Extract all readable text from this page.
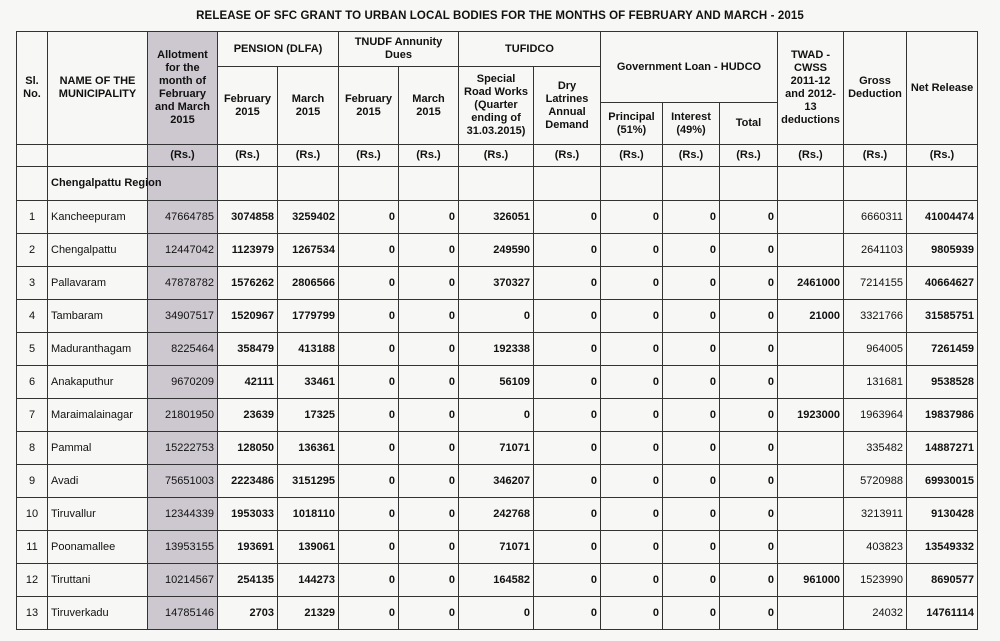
RELEASE OF SFC GRANT TO URBAN LOCAL BODIES FOR THE MONTHS OF FEBRUARY AND MARCH - 2015
Sl. No.	NAME OF THE MUNICIPALITY	Allotment for the month of February and March 2015	PENSION (DLFA)		TNUDF Annunity Dues		TUFIDCO		Government Loan - HUDCO			TWAD - CWSS 2011-12 and 2012-13 deductions	Gross Deduction	Net Release
			February 2015	March 2015	February 2015	March 2015	Special Road Works (Quarter ending of 31.03.2015)	Dry Latrines Annual Demand						
									Principal (51%)	Interest (49%)	Total			
		(Rs.)	(Rs.)	(Rs.)	(Rs.)	(Rs.)	(Rs.)	(Rs.)	(Rs.)	(Rs.)	(Rs.)	(Rs.)	(Rs.)	(Rs.)

	Chengalpattu Region													

1	Kancheepuram	47664785	3074858	3259402	0	0	326051	0	0	0	0		6660311	41004474
2	Chengalpattu	12447042	1123979	1267534	0	0	249590	0	0	0	0		2641103	9805939
3	Pallavaram	47878782	1576262	2806566	0	0	370327	0	0	0	0	2461000	7214155	40664627
4	Tambaram	34907517	1520967	1779799	0	0	0	0	0	0	0	21000	3321766	31585751
5	Maduranthagam	8225464	358479	413188	0	0	192338	0	0	0	0		964005	7261459
6	Anakaputhur	9670209	42111	33461	0	0	56109	0	0	0	0		131681	9538528
7	Maraimalainagar	21801950	23639	17325	0	0	0	0	0	0	0	1923000	1963964	19837986
8	Pammal	15222753	128050	136361	0	0	71071	0	0	0	0		335482	14887271
9	Avadi	75651003	2223486	3151295	0	0	346207	0	0	0	0		5720988	69930015
10	Tiruvallur	12344339	1953033	1018110	0	0	242768	0	0	0	0		3213911	9130428
11	Poonamallee	13953155	193691	139061	0	0	71071	0	0	0	0		403823	13549332
12	Tiruttani	10214567	254135	144273	0	0	164582	0	0	0	0	961000	1523990	8690577
13	Tiruverkadu	14785146	2703	21329	0	0	0	0	0	0	0		24032	14761114
